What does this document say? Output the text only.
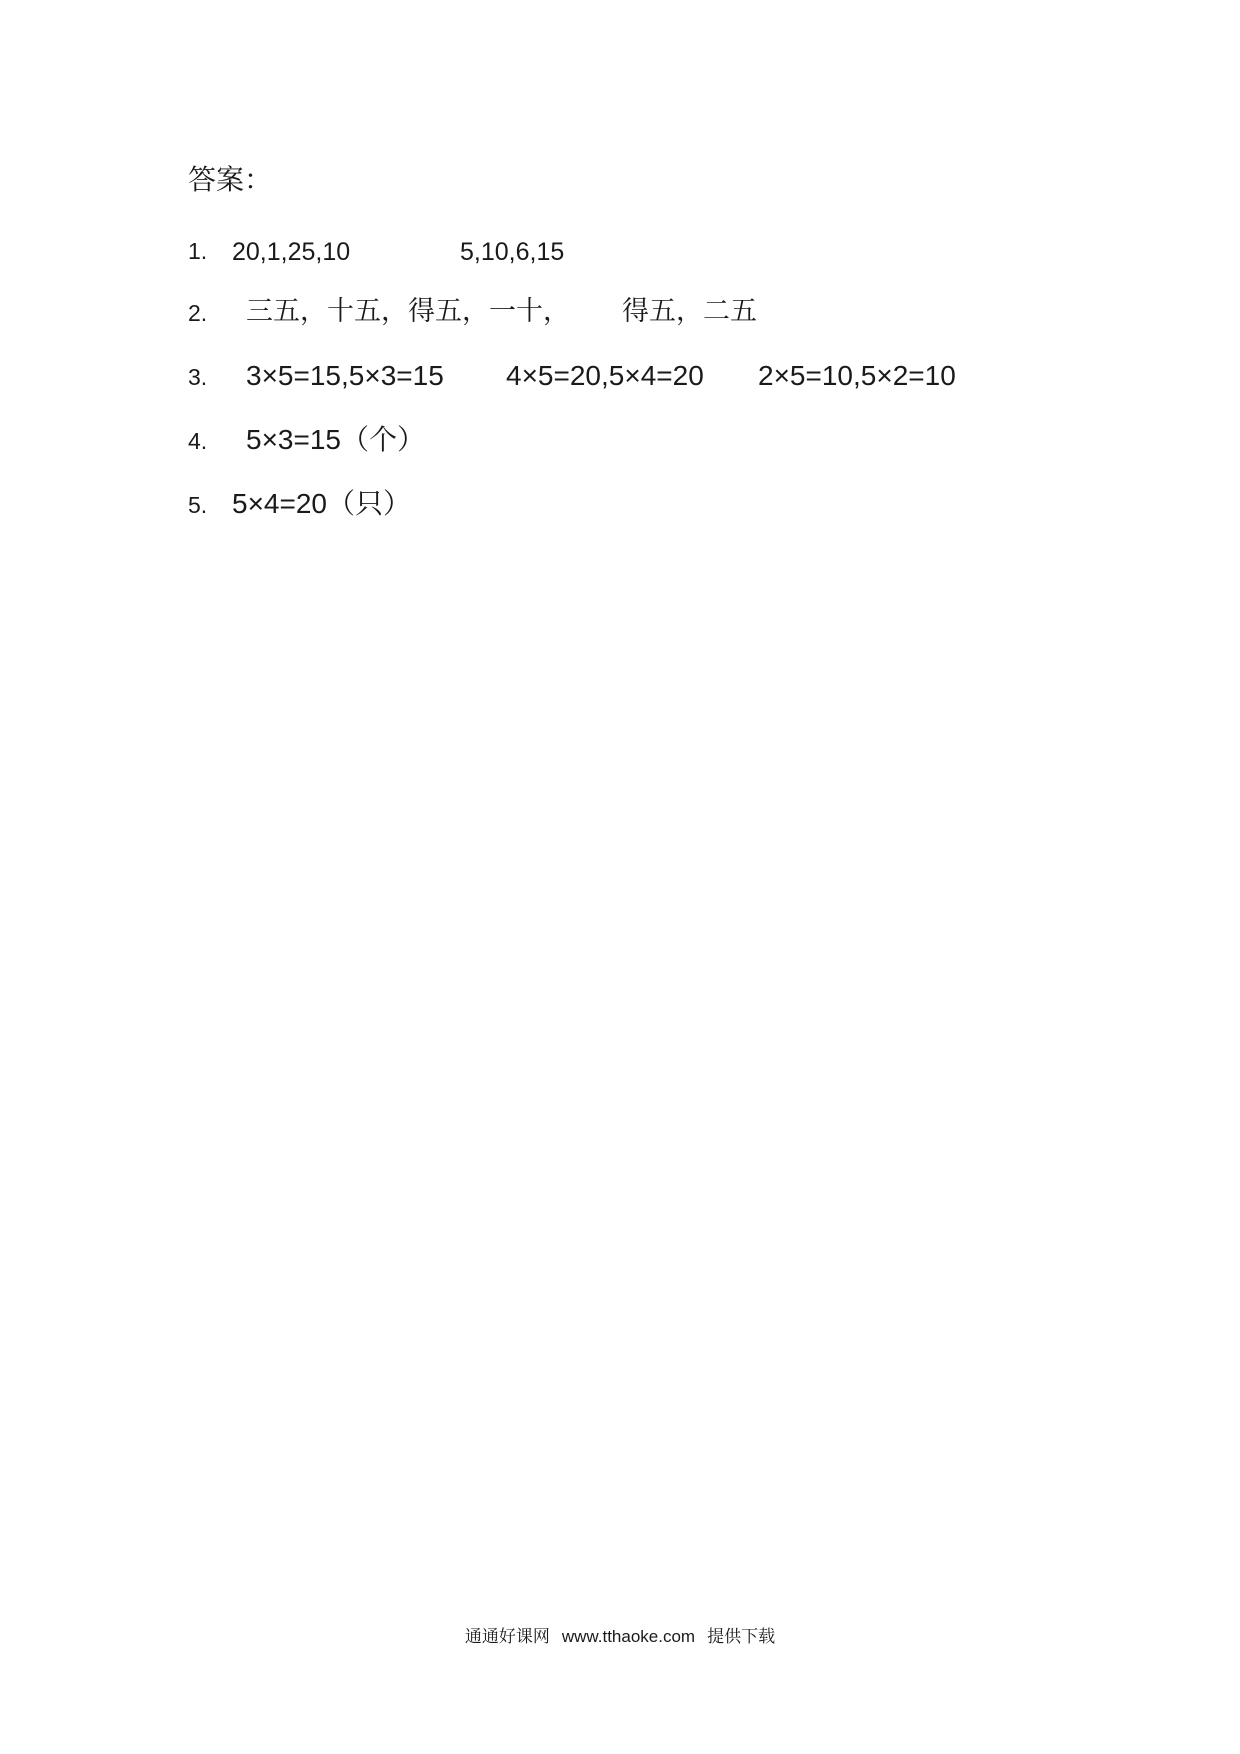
答案：
1. 20,1,25,10	5,10,6,15
2. 三五，十五，得五，一十， 得五，二五
3. 3×5=15,5×3=15 4×5=20,5×4=20 2×5=10,5×2=10
4. 5×3=15（个）
5. 5×4=20（只）
通通好课网 www.tthaoke.com 提供下载
